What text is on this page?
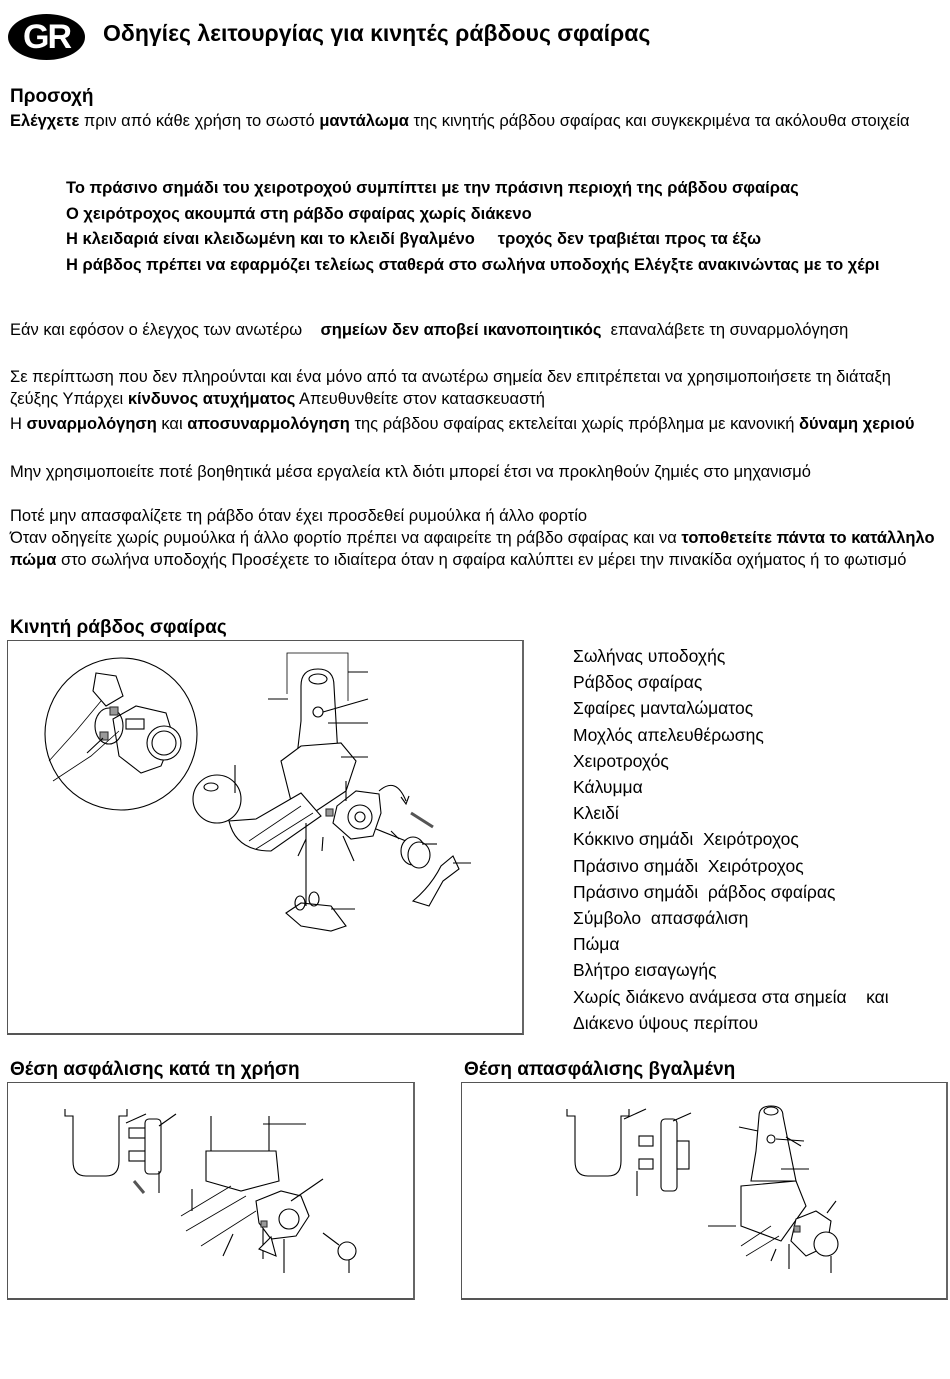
GR Οδηγίες λειτουργίας για κινητές ράβδους σφαίρας
Προσοχή
Ελέγχετε πριν από κάθε χρήση το σωστό μαντάλωμα της κινητής ράβδου σφαίρας και συγκεκριμένα τα ακόλουθα στοιχεία
Το πράσινο σημάδι του χειροτροχού συμπίπτει με την πράσινη περιοχή της ράβδου σφαίρας
Ο χειρότροχος ακουμπά στη ράβδο σφαίρας χωρίς διάκενο
Η κλειδαριά είναι κλειδωμένη και το κλειδί βγαλμένο     τροχός δεν τραβιέται προς τα έξω
Η ράβδος πρέπει να εφαρμόζει τελείως σταθερά στο σωλήνα υποδοχής Ελέγξτε ανακινώντας με το χέρι
Εάν και εφόσον ο έλεγχος των ανωτέρω    σημείων δεν αποβεί ικανοποιητικός  επαναλάβετε τη συναρμολόγηση
Σε περίπτωση που δεν πληρούνται και ένα μόνο από τα ανωτέρω σημεία δεν επιτρέπεται να χρησιμοποιήσετε τη διάταξη ζεύξης Υπάρχει κίνδυνος ατυχήματος Απευθυνθείτε στον κατασκευαστή
Η συναρμολόγηση και αποσυναρμολόγηση της ράβδου σφαίρας εκτελείται χωρίς πρόβλημα με κανονική δύναμη χεριού
Μην χρησιμοποιείτε ποτέ βοηθητικά μέσα εργαλεία κτλ διότι μπορεί έτσι να προκληθούν ζημιές στο μηχανισμό
Ποτέ μην απασφαλίζετε τη ράβδο όταν έχει προσδεθεί ρυμούλκα ή άλλο φορτίο
Όταν οδηγείτε χωρίς ρυμούλκα ή άλλο φορτίο πρέπει να αφαιρείτε τη ράβδο σφαίρας και να τοποθετείτε πάντα το κατάλληλο πώμα στο σωλήνα υποδοχής Προσέχετε το ιδιαίτερα όταν η σφαίρα καλύπτει εν μέρει την πινακίδα οχήματος ή το φωτισμό
Κινητή ράβδος σφαίρας
Σωλήνας υποδοχής
Ράβδος σφαίρας
Σφαίρες μανταλώματος
Μοχλός απελευθέρωσης
Χειροτροχός
Κάλυμμα
Κλειδί
Κόκκινο σημάδι  Χειρότροχος
Πράσινο σημάδι  Χειρότροχος
Πράσινο σημάδι  ράβδος σφαίρας
Σύμβολο  απασφάλιση
Πώμα
Βλήτρο εισαγωγής
Χωρίς διάκενο ανάμεσα στα σημεία    και
Διάκενο ύψους περίπου
Θέση ασφάλισης κατά τη χρήση	Θέση απασφάλισης βγαλμένη
